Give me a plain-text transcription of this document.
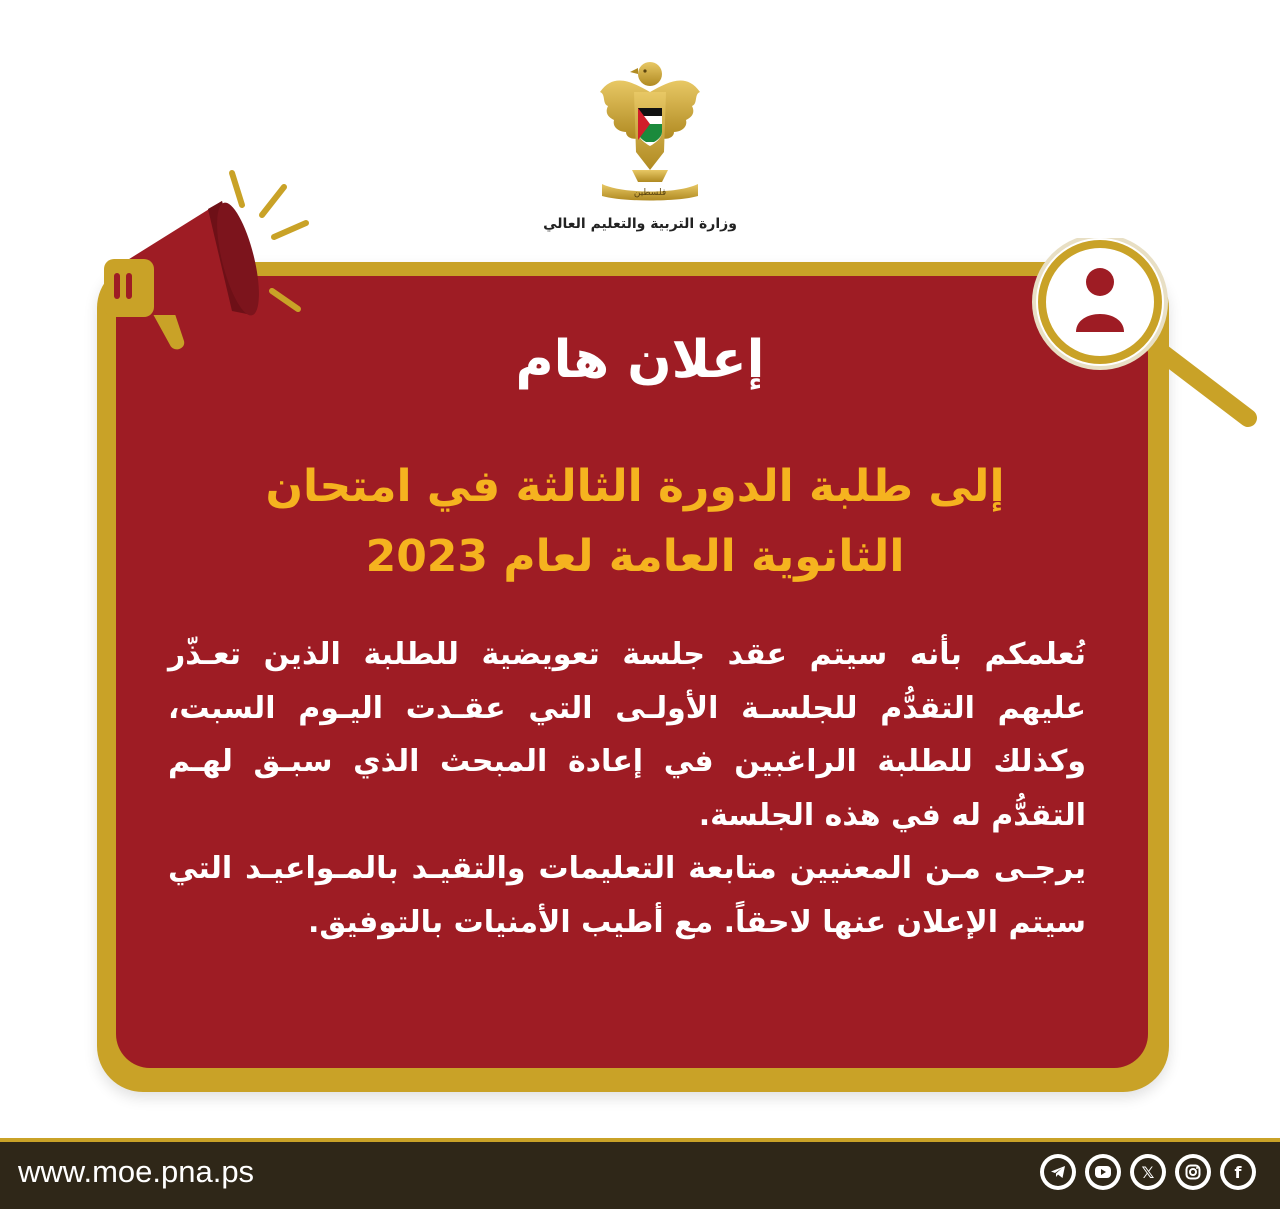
فلسطين
وزارة التربية والتعليم العالي
إعلان هام
إلى طلبة الدورة الثالثة في امتحان
الثانوية العامة لعام 2023

نُعلمكم بأنه سيتم عقد جلسة تعويضية للطلبة الذين تعـذّر عليهم التقدُّم للجلسـة الأولـى التي عقـدت اليـوم السبت، وكذلك للطلبة الراغبين في إعادة المبحث الذي سبـق لهـم التقدُّم له في هذه الجلسة.

يرجـى مـن المعنيين متابعة التعليمات والتقيـد بالمـواعيـد التي سيتم الإعلان عنها لاحقاً. مع أطيب الأمنيات بالتوفيق.

www.moe.pna.ps	𝕏	f
